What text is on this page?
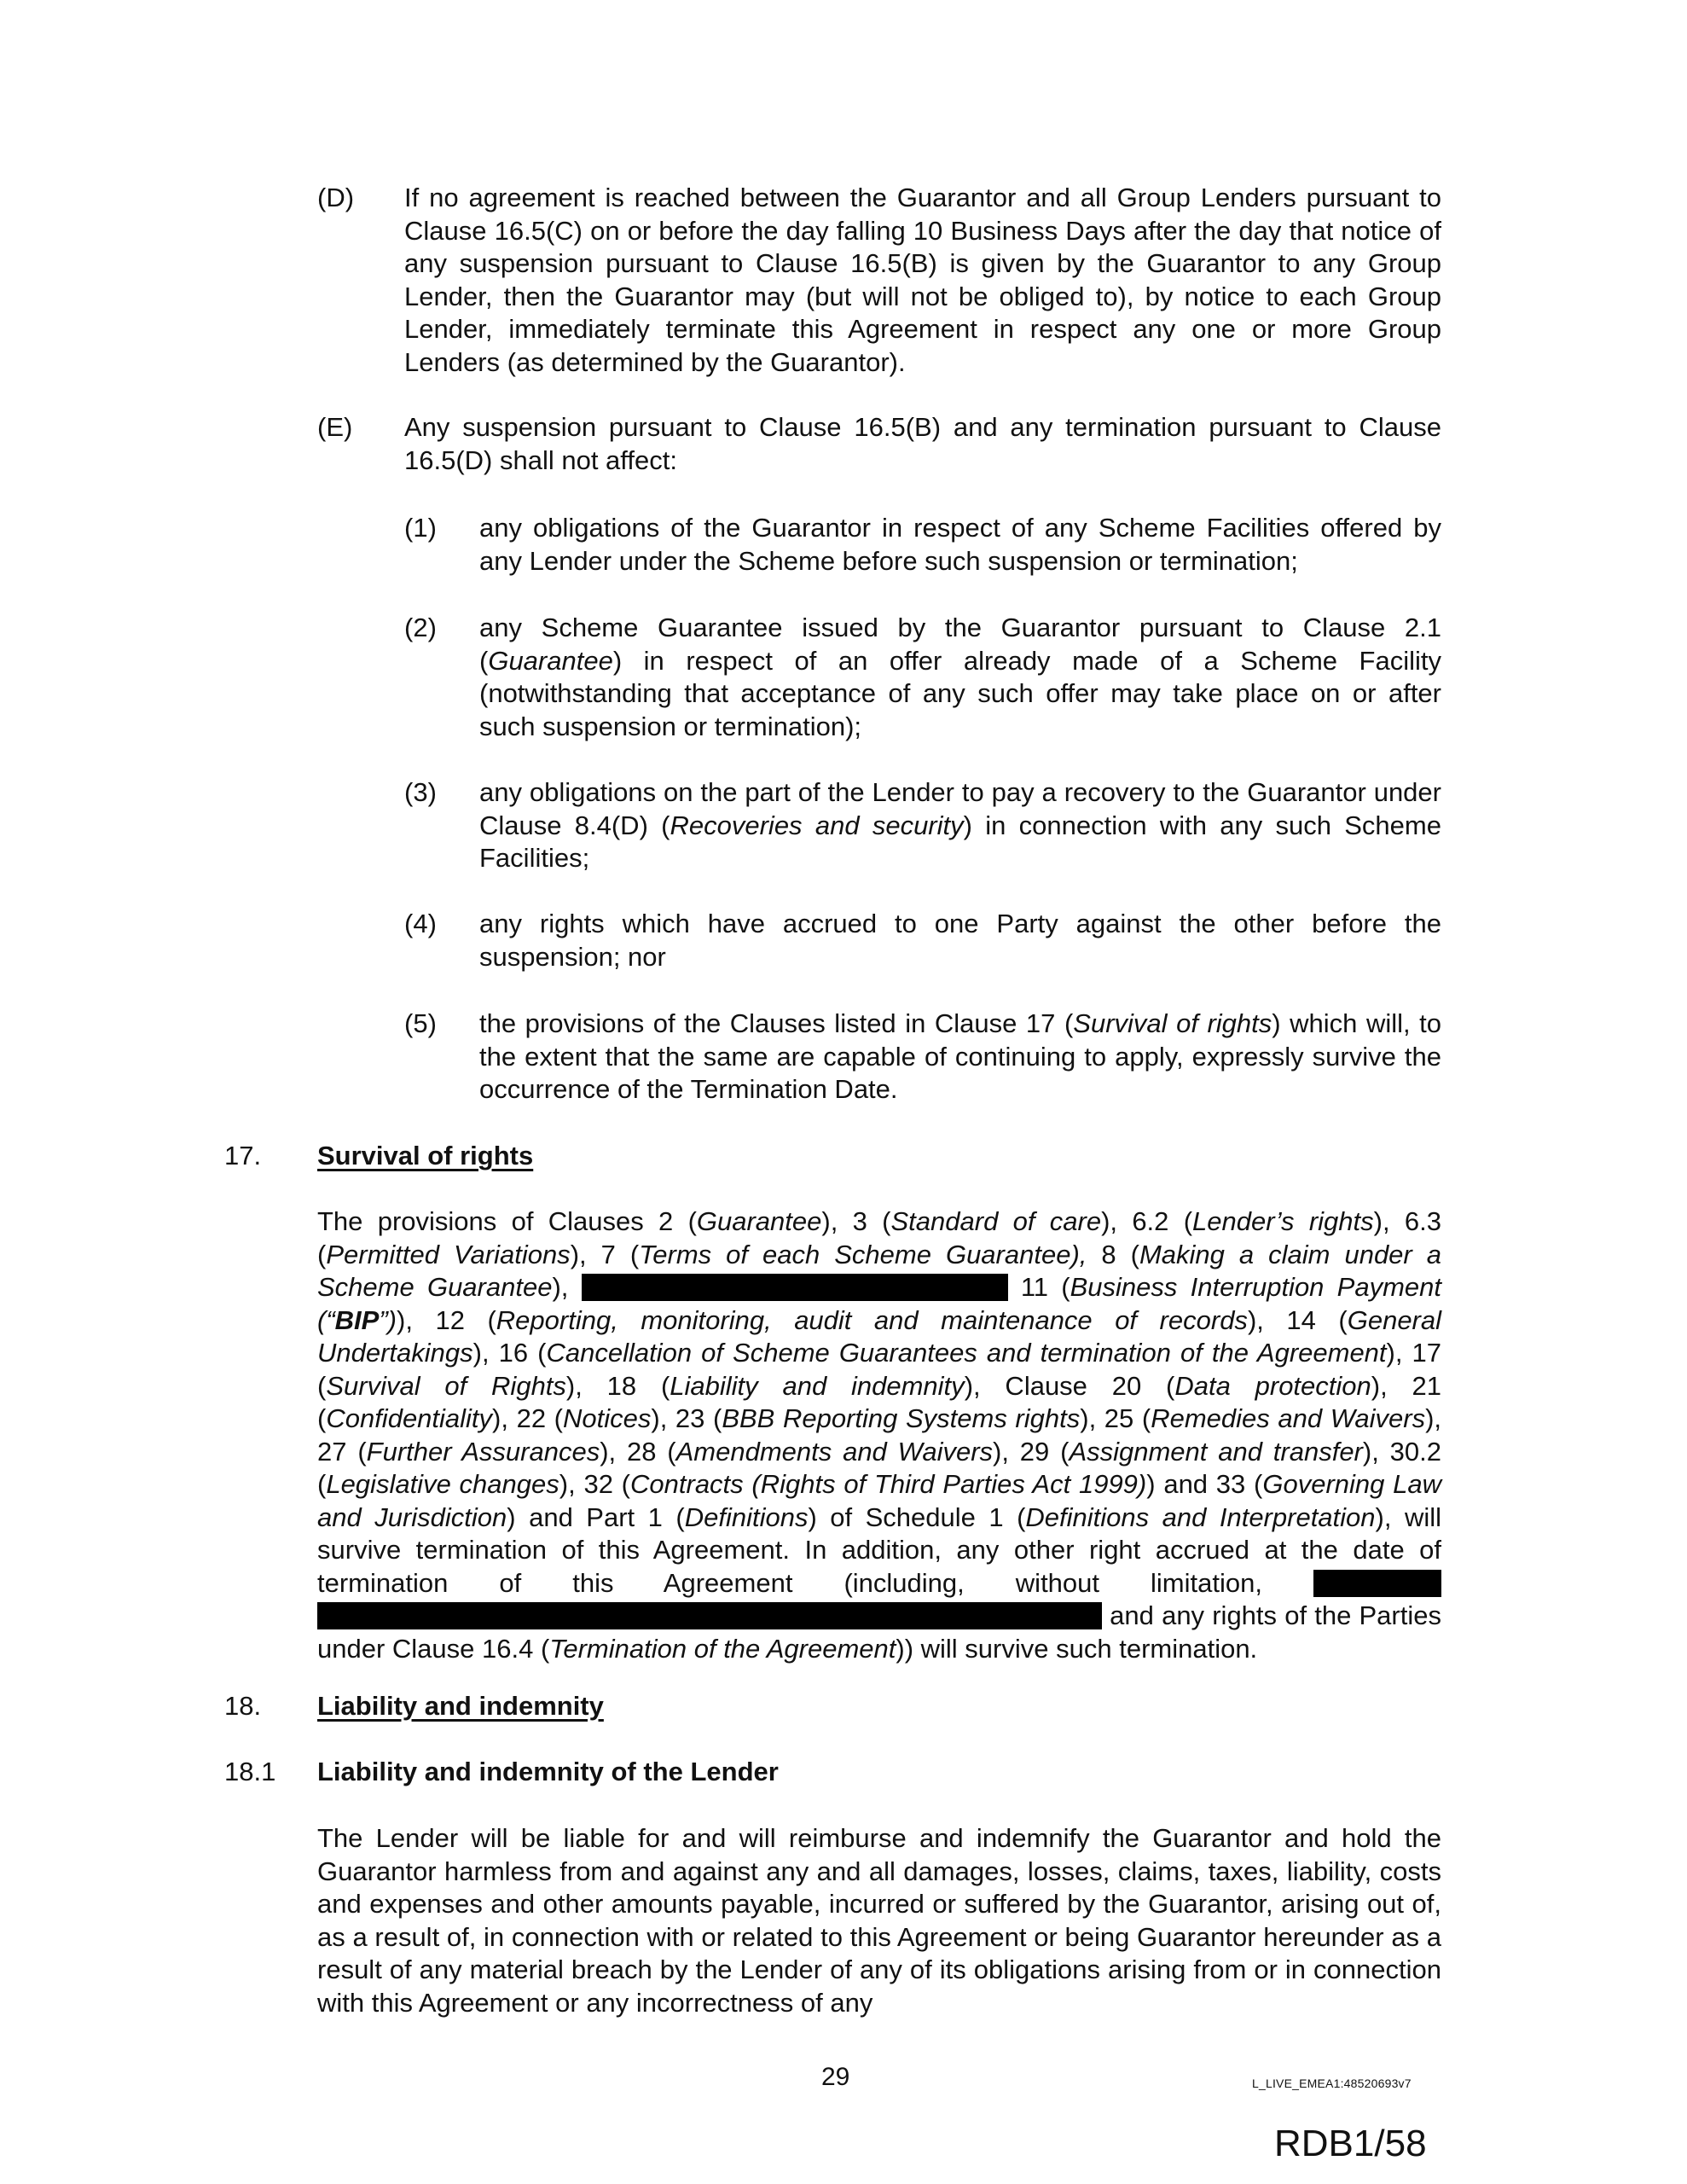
(D) If no agreement is reached between the Guarantor and all Group Lenders pursuant to Clause 16.5(C) on or before the day falling 10 Business Days after the day that notice of any suspension pursuant to Clause 16.5(B) is given by the Guarantor to any Group Lender, then the Guarantor may (but will not be obliged to), by notice to each Group Lender, immediately terminate this Agreement in respect any one or more Group Lenders (as determined by the Guarantor).
(E) Any suspension pursuant to Clause 16.5(B) and any termination pursuant to Clause 16.5(D) shall not affect:
(1) any obligations of the Guarantor in respect of any Scheme Facilities offered by any Lender under the Scheme before such suspension or termination;
(2) any Scheme Guarantee issued by the Guarantor pursuant to Clause 2.1 (Guarantee) in respect of an offer already made of a Scheme Facility (notwithstanding that acceptance of any such offer may take place on or after such suspension or termination);
(3) any obligations on the part of the Lender to pay a recovery to the Guarantor under Clause 8.4(D) (Recoveries and security) in connection with any such Scheme Facilities;
(4) any rights which have accrued to one Party against the other before the suspension; nor
(5) the provisions of the Clauses listed in Clause 17 (Survival of rights) which will, to the extent that the same are capable of continuing to apply, expressly survive the occurrence of the Termination Date.
17. Survival of rights
The provisions of Clauses 2 (Guarantee), 3 (Standard of care), 6.2 (Lender’s rights), 6.3 (Permitted Variations), 7 (Terms of each Scheme Guarantee), 8 (Making a claim under a Scheme Guarantee),	11 (Business Interruption Payment (“BIP”)), 12 (Reporting, monitoring, audit and maintenance of records), 14 (General Undertakings), 16 (Cancellation of Scheme Guarantees and termination of the Agreement), 17 (Survival of Rights), 18 (Liability and indemnity), Clause 20 (Data protection), 21 (Confidentiality), 22 (Notices), 23 (BBB Reporting Systems rights), 25 (Remedies and Waivers), 27 (Further Assurances), 28 (Amendments and Waivers), 29 (Assignment and transfer), 30.2 (Legislative changes), 32 (Contracts (Rights of Third Parties Act 1999)) and 33 (Governing Law and Jurisdiction) and Part 1 (Definitions) of Schedule 1 (Definitions and Interpretation), will survive termination of this Agreement. In addition, any other right accrued at the date of termination of this Agreement (including, without limitation,   and any rights of the Parties under Clause 16.4 (Termination of the Agreement)) will survive such termination.
18. Liability and indemnity
18.1 Liability and indemnity of the Lender
The Lender will be liable for and will reimburse and indemnify the Guarantor and hold the Guarantor harmless from and against any and all damages, losses, claims, taxes, liability, costs and expenses and other amounts payable, incurred or suffered by the Guarantor, arising out of, as a result of, in connection with or related to this Agreement or being Guarantor hereunder as a result of any material breach by the Lender of any of its obligations arising from or in connection with this Agreement or any incorrectness of any
29	L_LIVE_EMEA1:48520693v7
RDB1/58
